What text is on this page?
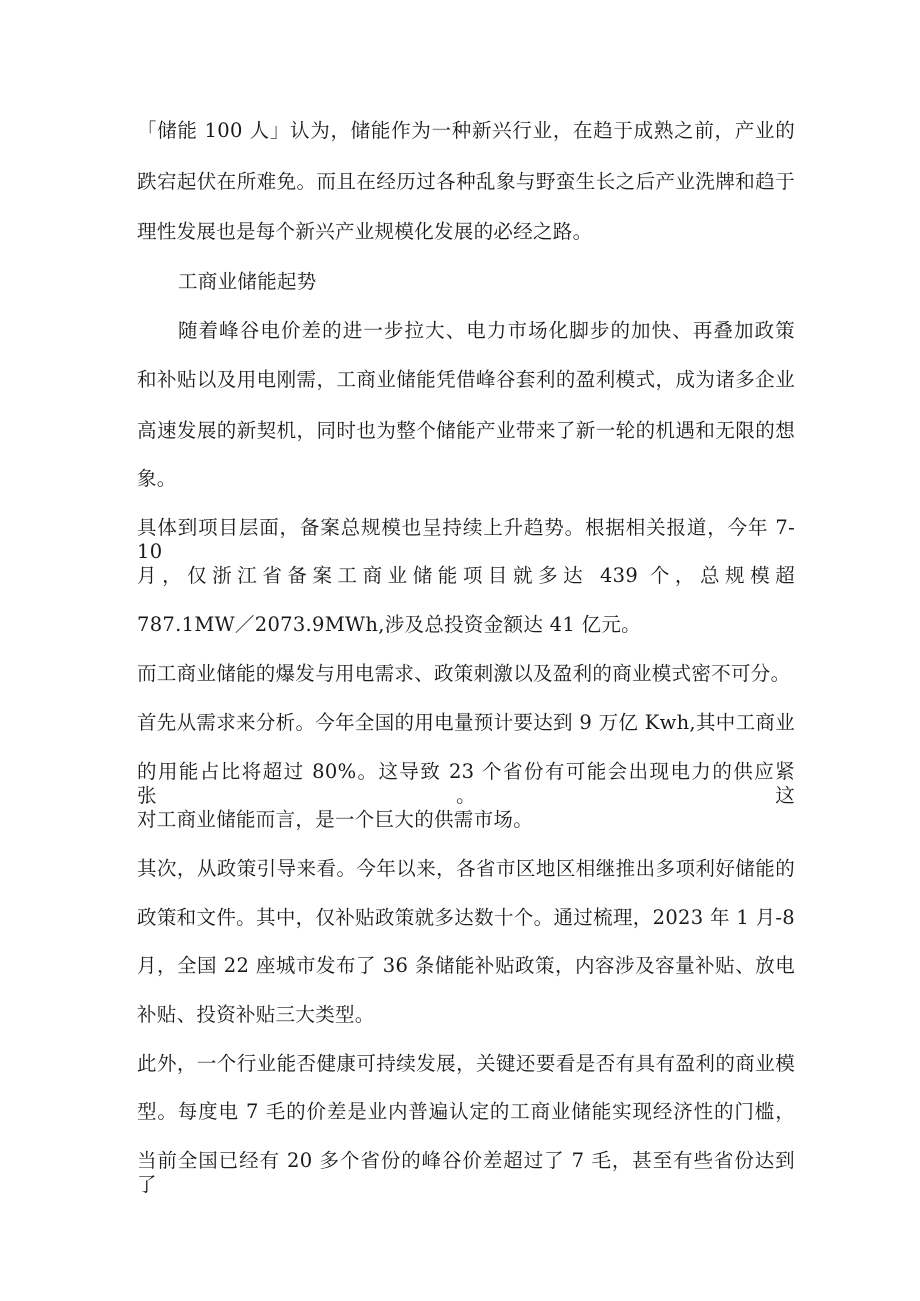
「储能 100 人」认为，储能作为一种新兴行业，在趋于成熟之前，产业的
跌宕起伏在所难免。而且在经历过各种乱象与野蛮生长之后产业洗牌和趋于
理性发展也是每个新兴产业规模化发展的必经之路。
工商业储能起势
随着峰谷电价差的进一步拉大、电力市场化脚步的加快、再叠加政策
和补贴以及用电刚需，工商业储能凭借峰谷套利的盈利模式，成为诸多企业
高速发展的新契机，同时也为整个储能产业带来了新一轮的机遇和无限的想
象。
具体到项目层面，备案总规模也呈持续上升趋势。根据相关报道，今年 7-10
月，仅浙江省备案工商业储能项目就多达 439 个，总规模超
787.1MW／2073.9MWh,涉及总投资金额达 41 亿元。
而工商业储能的爆发与用电需求、政策刺激以及盈利的商业模式密不可分。
首先从需求来分析。今年全国的用电量预计要达到 9 万亿 Kwh,其中工商业
的用能占比将超过 80%。这导致 23 个省份有可能会出现电力的供应紧张。这
对工商业储能而言，是一个巨大的供需市场。
其次，从政策引导来看。今年以来，各省市区地区相继推出多项利好储能的
政策和文件。其中，仅补贴政策就多达数十个。通过梳理，2023 年 1 月-8
月，全国 22 座城市发布了 36 条储能补贴政策，内容涉及容量补贴、放电
补贴、投资补贴三大类型。
此外，一个行业能否健康可持续发展，关键还要看是否有具有盈利的商业模
型。每度电 7 毛的价差是业内普遍认定的工商业储能实现经济性的门槛，
当前全国已经有 20 多个省份的峰谷价差超过了 7 毛，甚至有些省份达到了
